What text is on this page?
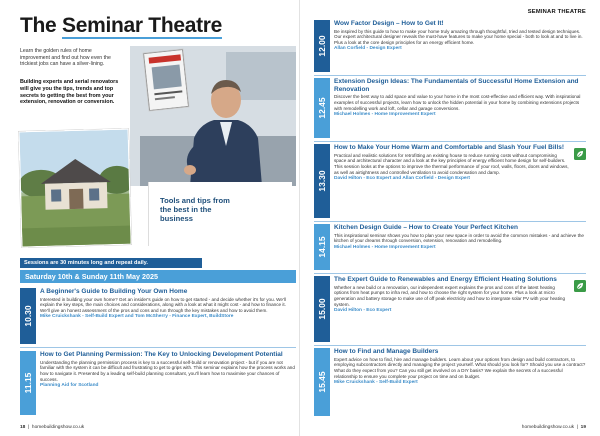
The Seminar Theatre
Learn the golden rules of home improvement and find out how even the trickiest jobs can have a silver-lining.
Building experts and serial renovators will give you the tips, trends and top secrets to getting the best from your extension, renovation or conversion.
Tools and tips from the best in the business
Sessions are 30 minutes long and repeat daily.
Saturday 10th & Sunday 11th May 2025
10.30
A Beginner's Guide to Building Your Own Home
Interested in building your own home? Get an insider's guide on how to get started - and decide whether it's for you. We'll explain the key steps, the main choices and considerations, along with a look at what it might cost - and how to finance it. We'll give an honest assessment of the pros and cons and run through the key mistakes and how to avoid them.
Mike Cruickshank - Self-Build Expert and Tom McSherry - Finance Expert, BuildStore
11.15
How to Get Planning Permission: The Key to Unlocking Development Potential
Understanding the planning permission process is key to a successful self-build or renovation project - but if you are not familiar with the system it can be difficult and frustrating to get to grips with. This seminar explains how the process works and how to navigate it. Presented by a leading self-build planning consultant, you'll learn how to maximise your chances of success.
Planning Aid for Scotland
18  |  homebuildingshow.co.uk
SEMINAR THEATRE
12.00
Wow Factor Design – How to Get It!
Be inspired by this guide to how to make your home truly amazing through thoughtful, tried and tested design techniques. Our expert architectural designer reveals the must-have features to make your home special - both to look at and to live in. Plus a look at the core design principles for an energy efficient home.
Allan Corfield - Design Expert
12.45
Extension Design Ideas: The Fundamentals of Successful Home Extension and Renovation
Discover the best way to add space and value to your home in the most cost-effective and efficient way. With inspirational examples of successful projects, learn how to unlock the hidden potential in your home by combining extensions projects with remodelling work and loft, cellar and garage conversions.
Michael Holmes - Home Improvement Expert
13.30
How to Make Your Home Warm and Comfortable and Slash Your Fuel Bills!
Practical and realistic solutions for retrofitting an existing house to reduce running costs without compromising space and architectural character and a look at the key principles of energy efficient home design for self-builders. This session looks at the options to improve the thermal performance of your roof, walls, floors, doors and windows, as well as airtightness and controlled ventilation to avoid condensation and damp.
David Hilton - Eco Expert and Allan Corfield - Design Expert
14.15
Kitchen Design Guide – How to Create Your Perfect Kitchen
This inspirational seminar shows you how to plan your new space in order to avoid the common mistakes - and achieve the kitchen of your dreams through conversion, extension, renovation and remodelling.
Michael Holmes - Home Improvement Expert
15.00
The Expert Guide to Renewables and Energy Efficient Heating Solutions
Whether a new build or a renovation, our independent expert explains the pros and cons of the latest heating options from heat pumps to infra red, and how to choose the right system for your home. Plus a look at micro generation and battery storage to make use of off peak electricity and how to intergrate solar PV with your heating system.
David Hilton - Eco Expert
15.45
How to Find and Manage Builders
Expert advice on how to find, hire and manage builders. Learn about your options from design and build contractors, to employing subcontractors directly and managing the project yourself. What should you look for? Should you use a contract? What do they expect from you? Can you still get involved on a DIY basis? We explain the secrets of a successful relationship to ensure you complete your project on time and on budget.
Mike Cruickshank - Self-Build Expert
homebuildingshow.co.uk  |  19
